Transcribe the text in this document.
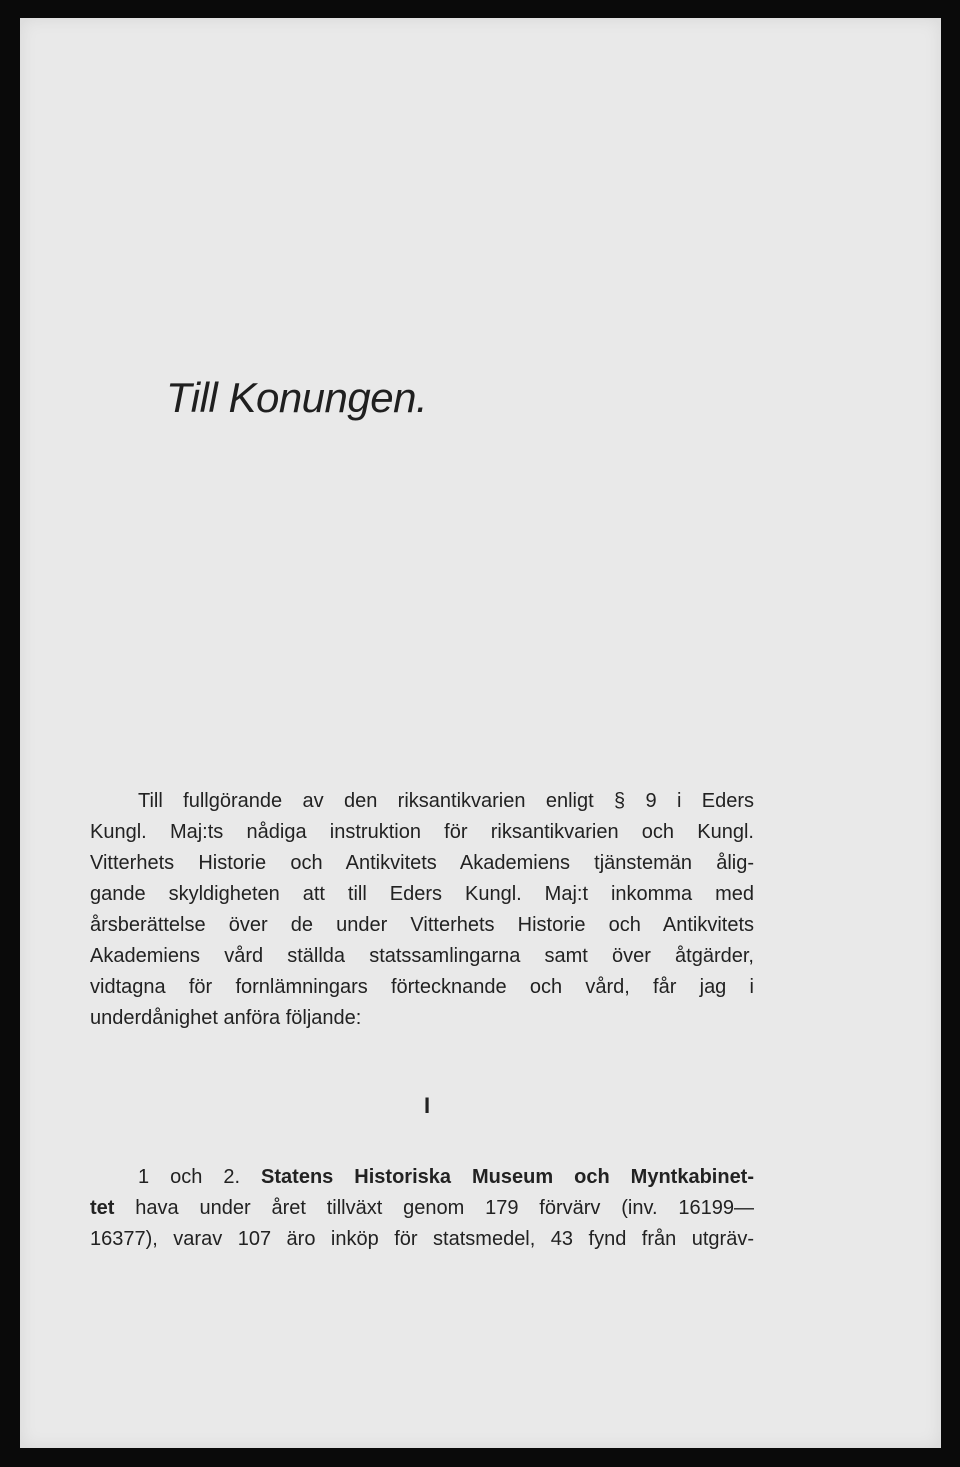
Till Konungen.
Till fullgörande av den riksantikvarien enligt § 9 i Eders
Kungl. Maj:ts nådiga instruktion för riksantikvarien och Kungl.
Vitterhets Historie och Antikvitets Akademiens tjänstemän ålig-
gande skyldigheten att till Eders Kungl. Maj:t inkomma med
årsberättelse över de under Vitterhets Historie och Antikvitets
Akademiens vård ställda statssamlingarna samt över åtgärder,
vidtagna för fornlämningars förtecknande och vård, får jag i
underdånighet anföra följande:
I
1 och 2. Statens Historiska Museum och Myntkabinet-
tet hava under året tillväxt genom 179 förvärv (inv. 16199—
16377), varav 107 äro inköp för statsmedel, 43 fynd från utgräv-
